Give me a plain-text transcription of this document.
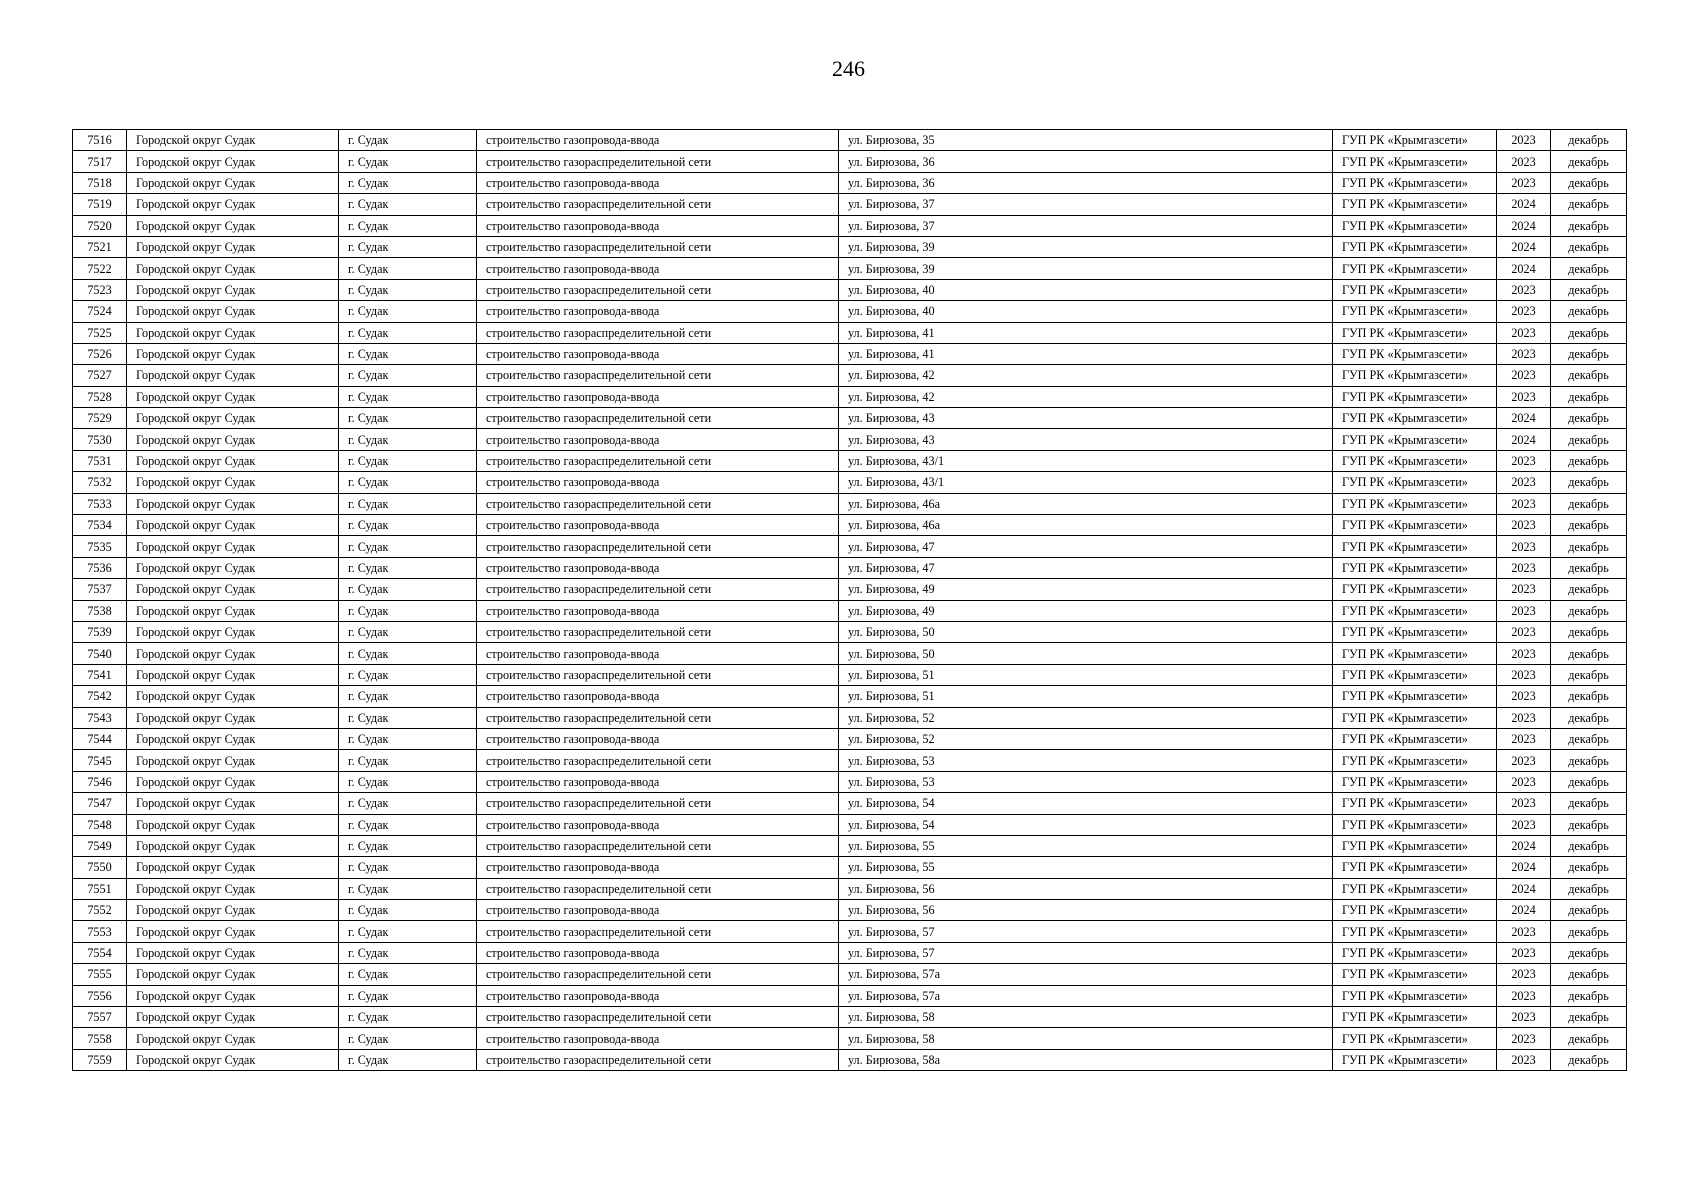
246
7516	Городской округ Судак	г. Судак	строительство газопровода-ввода	ул. Бирюзова, 35	ГУП РК «Крымгазсети»	2023	декабрь
7517	Городской округ Судак	г. Судак	строительство газораспределительной сети	ул. Бирюзова, 36	ГУП РК «Крымгазсети»	2023	декабрь
7518	Городской округ Судак	г. Судак	строительство газопровода-ввода	ул. Бирюзова, 36	ГУП РК «Крымгазсети»	2023	декабрь
7519	Городской округ Судак	г. Судак	строительство газораспределительной сети	ул. Бирюзова, 37	ГУП РК «Крымгазсети»	2024	декабрь
7520	Городской округ Судак	г. Судак	строительство газопровода-ввода	ул. Бирюзова, 37	ГУП РК «Крымгазсети»	2024	декабрь
7521	Городской округ Судак	г. Судак	строительство газораспределительной сети	ул. Бирюзова, 39	ГУП РК «Крымгазсети»	2024	декабрь
7522	Городской округ Судак	г. Судак	строительство газопровода-ввода	ул. Бирюзова, 39	ГУП РК «Крымгазсети»	2024	декабрь
7523	Городской округ Судак	г. Судак	строительство газораспределительной сети	ул. Бирюзова, 40	ГУП РК «Крымгазсети»	2023	декабрь
7524	Городской округ Судак	г. Судак	строительство газопровода-ввода	ул. Бирюзова, 40	ГУП РК «Крымгазсети»	2023	декабрь
7525	Городской округ Судак	г. Судак	строительство газораспределительной сети	ул. Бирюзова, 41	ГУП РК «Крымгазсети»	2023	декабрь
7526	Городской округ Судак	г. Судак	строительство газопровода-ввода	ул. Бирюзова, 41	ГУП РК «Крымгазсети»	2023	декабрь
7527	Городской округ Судак	г. Судак	строительство газораспределительной сети	ул. Бирюзова, 42	ГУП РК «Крымгазсети»	2023	декабрь
7528	Городской округ Судак	г. Судак	строительство газопровода-ввода	ул. Бирюзова, 42	ГУП РК «Крымгазсети»	2023	декабрь
7529	Городской округ Судак	г. Судак	строительство газораспределительной сети	ул. Бирюзова, 43	ГУП РК «Крымгазсети»	2024	декабрь
7530	Городской округ Судак	г. Судак	строительство газопровода-ввода	ул. Бирюзова, 43	ГУП РК «Крымгазсети»	2024	декабрь
7531	Городской округ Судак	г. Судак	строительство газораспределительной сети	ул. Бирюзова, 43/1	ГУП РК «Крымгазсети»	2023	декабрь
7532	Городской округ Судак	г. Судак	строительство газопровода-ввода	ул. Бирюзова, 43/1	ГУП РК «Крымгазсети»	2023	декабрь
7533	Городской округ Судак	г. Судак	строительство газораспределительной сети	ул. Бирюзова, 46а	ГУП РК «Крымгазсети»	2023	декабрь
7534	Городской округ Судак	г. Судак	строительство газопровода-ввода	ул. Бирюзова, 46а	ГУП РК «Крымгазсети»	2023	декабрь
7535	Городской округ Судак	г. Судак	строительство газораспределительной сети	ул. Бирюзова, 47	ГУП РК «Крымгазсети»	2023	декабрь
7536	Городской округ Судак	г. Судак	строительство газопровода-ввода	ул. Бирюзова, 47	ГУП РК «Крымгазсети»	2023	декабрь
7537	Городской округ Судак	г. Судак	строительство газораспределительной сети	ул. Бирюзова, 49	ГУП РК «Крымгазсети»	2023	декабрь
7538	Городской округ Судак	г. Судак	строительство газопровода-ввода	ул. Бирюзова, 49	ГУП РК «Крымгазсети»	2023	декабрь
7539	Городской округ Судак	г. Судак	строительство газораспределительной сети	ул. Бирюзова, 50	ГУП РК «Крымгазсети»	2023	декабрь
7540	Городской округ Судак	г. Судак	строительство газопровода-ввода	ул. Бирюзова, 50	ГУП РК «Крымгазсети»	2023	декабрь
7541	Городской округ Судак	г. Судак	строительство газораспределительной сети	ул. Бирюзова, 51	ГУП РК «Крымгазсети»	2023	декабрь
7542	Городской округ Судак	г. Судак	строительство газопровода-ввода	ул. Бирюзова, 51	ГУП РК «Крымгазсети»	2023	декабрь
7543	Городской округ Судак	г. Судак	строительство газораспределительной сети	ул. Бирюзова, 52	ГУП РК «Крымгазсети»	2023	декабрь
7544	Городской округ Судак	г. Судак	строительство газопровода-ввода	ул. Бирюзова, 52	ГУП РК «Крымгазсети»	2023	декабрь
7545	Городской округ Судак	г. Судак	строительство газораспределительной сети	ул. Бирюзова, 53	ГУП РК «Крымгазсети»	2023	декабрь
7546	Городской округ Судак	г. Судак	строительство газопровода-ввода	ул. Бирюзова, 53	ГУП РК «Крымгазсети»	2023	декабрь
7547	Городской округ Судак	г. Судак	строительство газораспределительной сети	ул. Бирюзова, 54	ГУП РК «Крымгазсети»	2023	декабрь
7548	Городской округ Судак	г. Судак	строительство газопровода-ввода	ул. Бирюзова, 54	ГУП РК «Крымгазсети»	2023	декабрь
7549	Городской округ Судак	г. Судак	строительство газораспределительной сети	ул. Бирюзова, 55	ГУП РК «Крымгазсети»	2024	декабрь
7550	Городской округ Судак	г. Судак	строительство газопровода-ввода	ул. Бирюзова, 55	ГУП РК «Крымгазсети»	2024	декабрь
7551	Городской округ Судак	г. Судак	строительство газораспределительной сети	ул. Бирюзова, 56	ГУП РК «Крымгазсети»	2024	декабрь
7552	Городской округ Судак	г. Судак	строительство газопровода-ввода	ул. Бирюзова, 56	ГУП РК «Крымгазсети»	2024	декабрь
7553	Городской округ Судак	г. Судак	строительство газораспределительной сети	ул. Бирюзова, 57	ГУП РК «Крымгазсети»	2023	декабрь
7554	Городской округ Судак	г. Судак	строительство газопровода-ввода	ул. Бирюзова, 57	ГУП РК «Крымгазсети»	2023	декабрь
7555	Городской округ Судак	г. Судак	строительство газораспределительной сети	ул. Бирюзова, 57а	ГУП РК «Крымгазсети»	2023	декабрь
7556	Городской округ Судак	г. Судак	строительство газопровода-ввода	ул. Бирюзова, 57а	ГУП РК «Крымгазсети»	2023	декабрь
7557	Городской округ Судак	г. Судак	строительство газораспределительной сети	ул. Бирюзова, 58	ГУП РК «Крымгазсети»	2023	декабрь
7558	Городской округ Судак	г. Судак	строительство газопровода-ввода	ул. Бирюзова, 58	ГУП РК «Крымгазсети»	2023	декабрь
7559	Городской округ Судак	г. Судак	строительство газораспределительной сети	ул. Бирюзова, 58а	ГУП РК «Крымгазсети»	2023	декабрь
